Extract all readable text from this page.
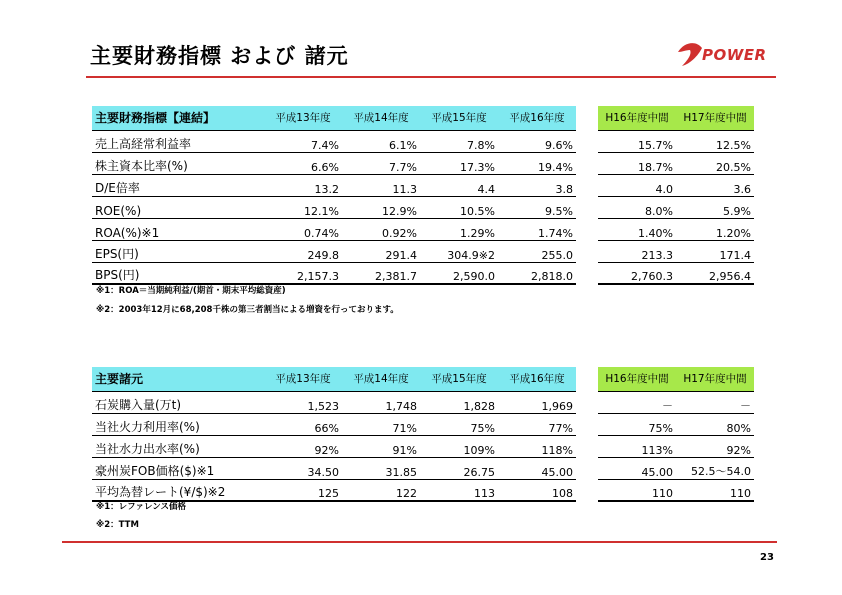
主要財務指標 および 諸元	POWER
主要財務指標【連結】	平成13年度	平成14年度	平成15年度	平成16年度		H16年度中間	H17年度中間
売上高経常利益率	7.4%	6.1%	7.8%	9.6%		15.7%	12.5%
株主資本比率(%)	6.6%	7.7%	17.3%	19.4%		18.7%	20.5%
D/E倍率	13.2	11.3	4.4	3.8		4.0	3.6
ROE(%)	12.1%	12.9%	10.5%	9.5%		8.0%	5.9%
ROA(%)※1	0.74%	0.92%	1.29%	1.74%		1.40%	1.20%
EPS(円)	249.8	291.4	304.9※2	255.0		213.3	171.4
BPS(円)	2,157.3	2,381.7	2,590.0	2,818.0		2,760.3	2,956.4
※1：ROA＝当期純利益/(期首・期末平均総資産)
※2：2003年12月に68,208千株の第三者割当による増資を行っております。
主要諸元	平成13年度	平成14年度	平成15年度	平成16年度		H16年度中間	H17年度中間
石炭購入量(万t)	1,523	1,748	1,828	1,969		－	－
当社火力利用率(%)	66%	71%	75%	77%		75%	80%
当社水力出水率(%)	92%	91%	109%	118%		113%	92%
豪州炭FOB価格($)※1	34.50	31.85	26.75	45.00		45.00	52.5～54.0
平均為替レート(¥/$)※2	125	122	113	108		110	110
※1：レファレンス価格
※2：TTM
23
